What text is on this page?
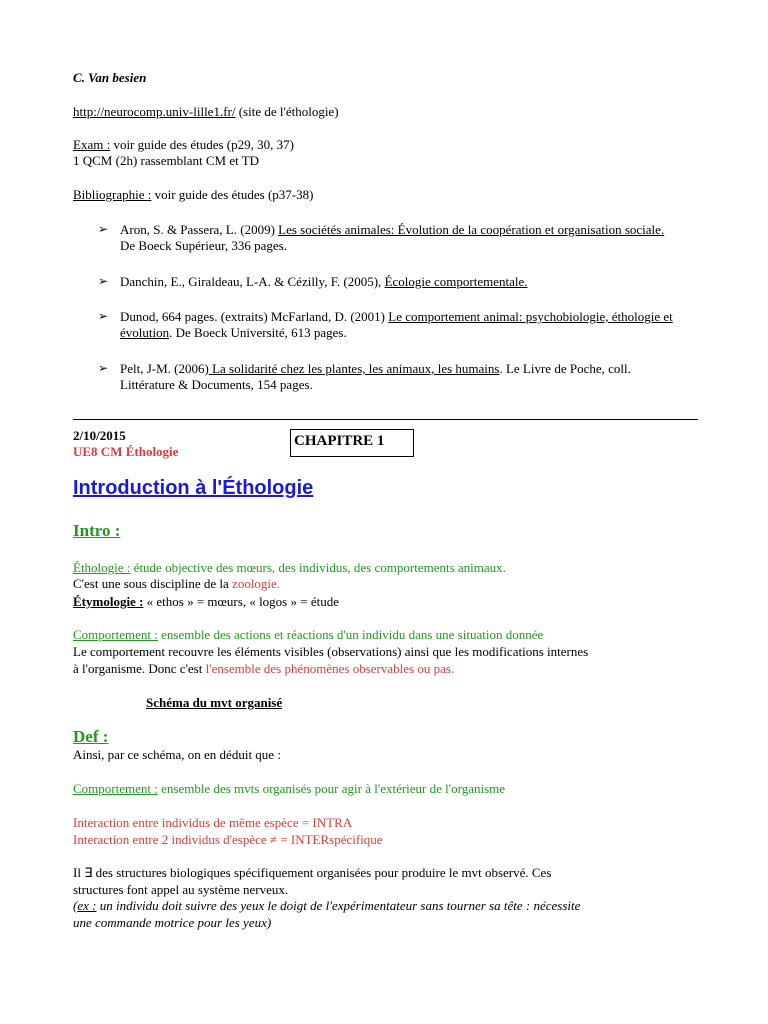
C. Van besien
http://neurocomp.univ-lille1.fr/ (site de l'éthologie)
Exam : voir guide des études (p29, 30, 37)
1 QCM (2h) rassemblant CM et TD
Bibliographie : voir guide des études (p37-38)
➢ Aron, S. & Passera, L. (2009) Les sociétés animales: Évolution de la coopération et organisation sociale. De Boeck Supérieur, 336 pages.
➢ Danchin, E., Giraldeau, L-A. & Cézilly, F. (2005), Écologie comportementale.
➢ Dunod, 664 pages. (extraits) McFarland, D. (2001) Le comportement animal: psychobiologie, éthologie et évolution. De Boeck Université, 613 pages.
➢ Pelt, J-M. (2006) La solidarité chez les plantes, les animaux, les humains. Le Livre de Poche, coll. Littérature & Documents, 154 pages.
2/10/2015
UE8 CM Éthologie
CHAPITRE 1
Introduction à l'Éthologie
Intro :
Éthologie : étude objective des mœurs, des individus, des comportements animaux.
C'est une sous discipline de la zoologie.
Étymologie : « ethos » = mœurs, « logos » = étude
Comportement : ensemble des actions et réactions d'un individu dans une situation donnée
Le comportement recouvre les éléments visibles (observations) ainsi que les modifications internes
à l'organisme. Donc c'est l'ensemble des phénomènes observables ou pas.
Schéma du mvt organisé
Def :
Ainsi, par ce schéma, on en déduit que :
Comportement : ensemble des mvts organisés pour agir à l'extérieur de l'organisme
Interaction entre individus de même espèce = INTRA
Interaction entre 2 individus d'espèce ≠ = INTERspécifique
Il ∃ des structures biologiques spécifiquement organisées pour produire le mvt observé. Ces
structures font appel au système nerveux.
(ex : un individu doit suivre des yeux le doigt de l'expérimentateur sans tourner sa tête : nécessite
une commande motrice pour les yeux)
